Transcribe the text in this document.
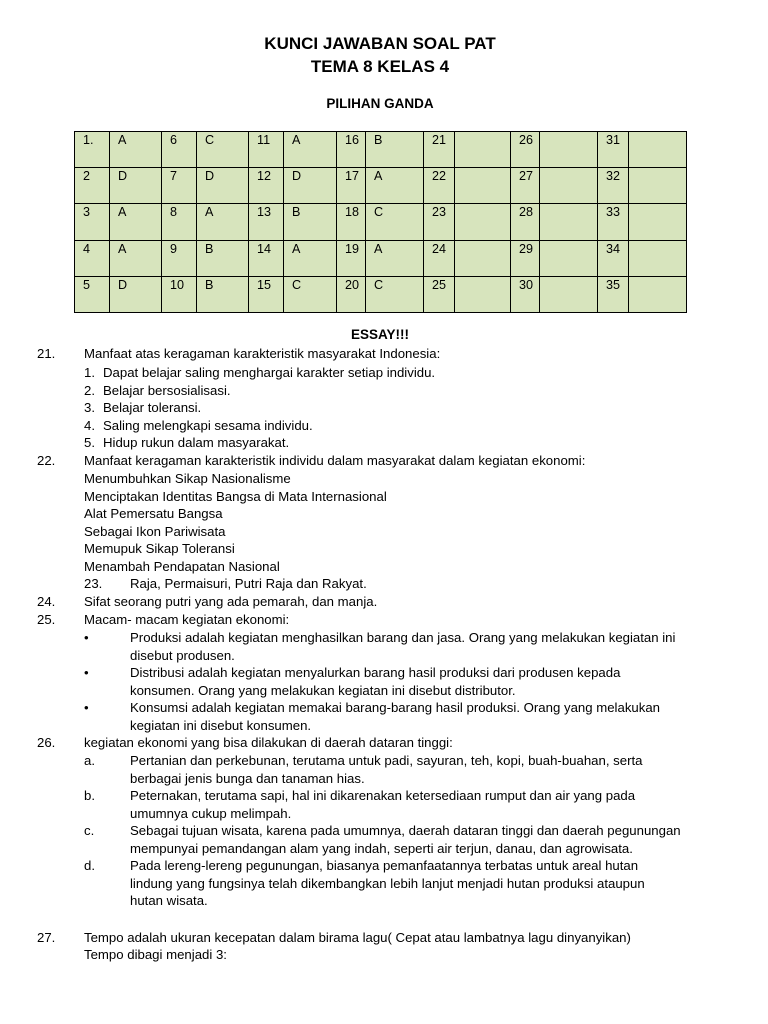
KUNCI JAWABAN SOAL PAT
TEMA 8 KELAS 4
PILIHAN GANDA
1.	A	6	C	11	A	16	B	21		26		31	
2	D	7	D	12	D	17	A	22		27		32	
3	A	8	A	13	B	18	C	23		28		33	
4	A	9	B	14	A	19	A	24		29		34	
5	D	10	B	15	C	20	C	25		30		35	
ESSAY!!!
21. Manfaat atas keragaman karakteristik masyarakat Indonesia:
1. Dapat belajar saling menghargai karakter setiap individu.
2. Belajar bersosialisasi.
3. Belajar toleransi.
4. Saling melengkapi sesama individu.
5. Hidup rukun dalam masyarakat.
22. Manfaat keragaman karakteristik individu dalam masyarakat dalam kegiatan ekonomi:
Menumbuhkan Sikap Nasionalisme
Menciptakan Identitas Bangsa di Mata Internasional
Alat Pemersatu Bangsa
Sebagai Ikon Pariwisata
Memupuk Sikap Toleransi
Menambah Pendapatan Nasional
23. Raja, Permaisuri, Putri Raja dan Rakyat.
24. Sifat seorang putri yang ada pemarah, dan manja.
25. Macam- macam kegiatan ekonomi:
•	Produksi adalah kegiatan menghasilkan barang dan jasa. Orang yang melakukan kegiatan ini
disebut produsen.
•	Distribusi adalah kegiatan menyalurkan barang hasil produksi dari produsen kepada
konsumen. Orang yang melakukan kegiatan ini disebut distributor.
•	Konsumsi adalah kegiatan memakai barang-barang hasil produksi. Orang yang melakukan
kegiatan ini disebut konsumen.
26. kegiatan ekonomi yang bisa dilakukan di daerah dataran tinggi:
a.	Pertanian dan perkebunan, terutama untuk padi, sayuran, teh, kopi, buah-buahan, serta
berbagai jenis bunga dan tanaman hias.
b.	Peternakan, terutama sapi, hal ini dikarenakan ketersediaan rumput dan air yang pada
umumnya cukup melimpah.
c.	Sebagai tujuan wisata, karena pada umumnya, daerah dataran tinggi dan daerah pegunungan
mempunyai pemandangan alam yang indah, seperti air terjun, danau, dan agrowisata.
d.	Pada lereng-lereng pegunungan, biasanya pemanfaatannya terbatas untuk areal hutan
lindung yang fungsinya telah dikembangkan lebih lanjut menjadi hutan produksi ataupun
hutan wisata.
27. Tempo adalah ukuran kecepatan dalam birama lagu( Cepat atau lambatnya lagu dinyanyikan)
Tempo dibagi menjadi 3:
